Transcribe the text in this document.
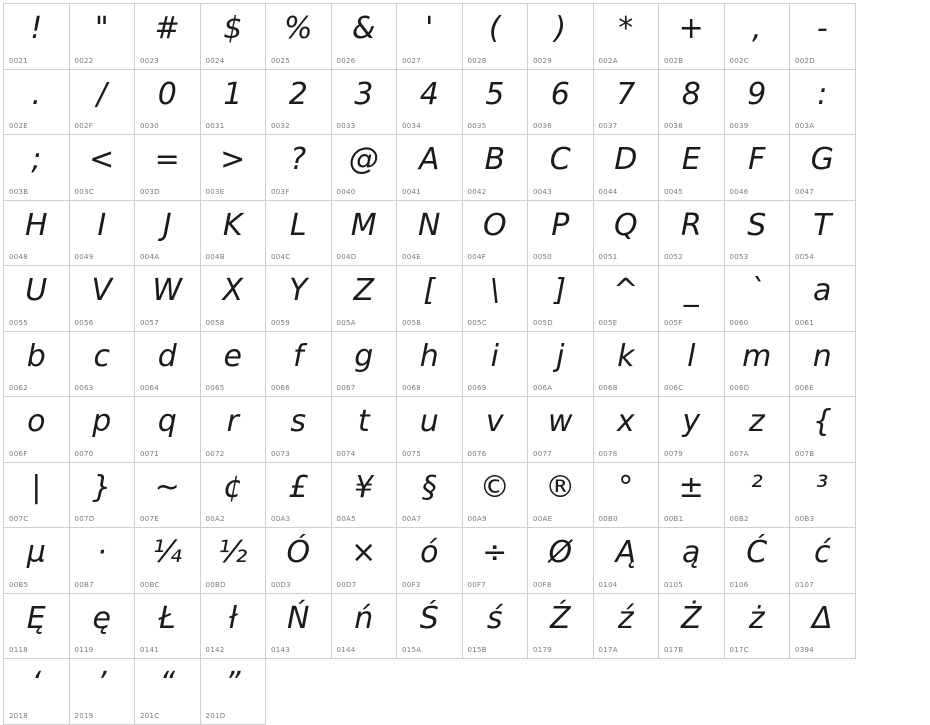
!
0021
"
0022
#
0023
$
0024
%
0025
&
0026
'
0027
(
0028
)
0029
*
002A
+
002B
,
002C
-
002D
.
002E
/
002F
0
0030
1
0031
2
0032
3
0033
4
0034
5
0035
6
0036
7
0037
8
0038
9
0039
:
003A
;
003B
<
003C
=
003D
>
003E
?
003F
@
0040
A
0041
B
0042
C
0043
D
0044
E
0045
F
0046
G
0047
H
0048
I
0049
J
004A
K
004B
L
004C
M
004D
N
004E
O
004F
P
0050
Q
0051
R
0052
S
0053
T
0054
U
0055
V
0056
W
0057
X
0058
Y
0059
Z
005A
[
005B
\
005C
]
005D
^
005E
_
005F
`
0060
a
0061
b
0062
c
0063
d
0064
e
0065
f
0066
g
0067
h
0068
i
0069
j
006A
k
006B
l
006C
m
006D
n
006E
o
006F
p
0070
q
0071
r
0072
s
0073
t
0074
u
0075
v
0076
w
0077
x
0078
y
0079
z
007A
{
007B
|
007C
}
007D
~
007E
¢
00A2
£
00A3
¥
00A5
§
00A7
©
00A9
®
00AE
°
00B0
±
00B1
²
00B2
³
00B3
µ
00B5
·
00B7
¼
00BC
½
00BD
Ó
00D3
×
00D7
ó
00F3
÷
00F7
Ø
00F8
Ą
0104
ą
0105
Ć
0106
ć
0107
Ę
0118
ę
0119
Ł
0141
ł
0142
Ń
0143
ń
0144
Ś
015A
ś
015B
Ź
0179
ź
017A
Ż
017B
ż
017C
Δ
0394
‘
2018
’
2019
“
201C
”
201D
